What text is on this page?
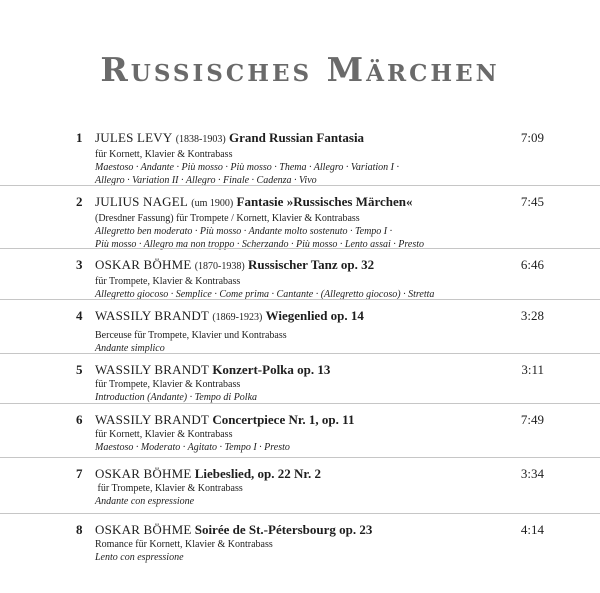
Russisches Märchen
1 JULES LEVY (1838-1903) Grand Russian Fantasia
für Kornett, Klavier & Kontrabass
Maestoso · Andante · Più mosso · Più mosso · Thema · Allegro · Variation I ·
Allegro · Variation II · Allegro · Finale · Cadenza · Vivo
7:09
2 JULIUS NAGEL (um 1900) Fantasie »Russisches Märchen«
(Dresdner Fassung) für Trompete / Kornett, Klavier & Kontrabass
Allegretto ben moderato · Più mosso · Andante molto sostenuto · Tempo I ·
Più mosso · Allegro ma non troppo · Scherzando · Più mosso · Lento assai · Presto
7:45
3 OSKAR BÖHME (1870-1938) Russischer Tanz op. 32
für Trompete, Klavier & Kontrabass
Allegretto giocoso · Semplice · Come prima · Cantante · (Allegretto giocoso) · Stretta
6:46
4 WASSILY BRANDT (1869-1923) Wiegenlied op. 14
Berceuse für Trompete, Klavier und Kontrabass
Andante simplico
3:28
5 WASSILY BRANDT Konzert-Polka op. 13
für Trompete, Klavier & Kontrabass
Introduction (Andante) · Tempo di Polka
3:11
6 WASSILY BRANDT Concertpiece Nr. 1, op. 11
für Kornett, Klavier & Kontrabass
Maestoso · Moderato · Agitato · Tempo I · Presto
7:49
7 OSKAR BÖHME Liebeslied, op. 22 Nr. 2
für Trompete, Klavier & Kontrabass
Andante con espressione
3:34
8 OSKAR BÖHME Soirée de St.-Pétersbourg op. 23
Romance für Kornett, Klavier & Kontrabass
Lento con espressione
4:14
